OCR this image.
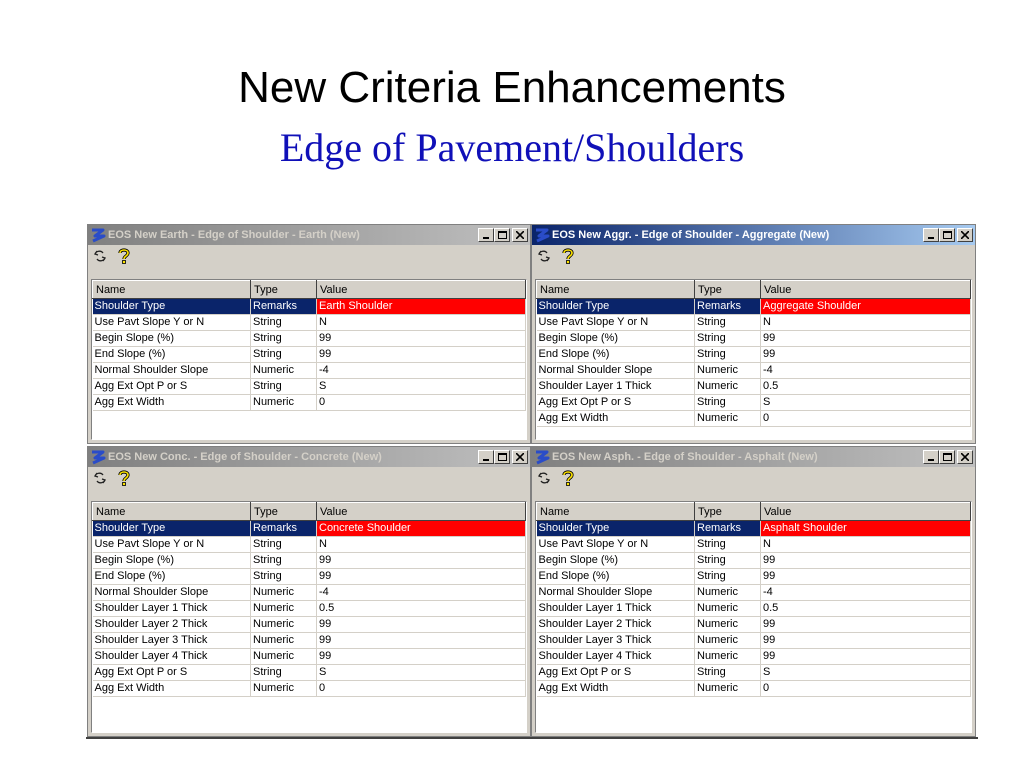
New Criteria Enhancements
Edge of Pavement/Shoulders
EOS New Earth - Edge of Shoulder - Earth (New)
Name	Type	Value
Shoulder Type	Remarks	Earth Shoulder
Use Pavt Slope Y or N	String	N
Begin Slope (%)	String	99
End Slope (%)	String	99
Normal Shoulder Slope	Numeric	-4
Agg Ext Opt P or S	String	S
Agg Ext Width	Numeric	0
EOS New Aggr. - Edge of Shoulder - Aggregate (New)
Name	Type	Value
Shoulder Type	Remarks	Aggregate Shoulder
Use Pavt Slope Y or N	String	N
Begin Slope (%)	String	99
End Slope (%)	String	99
Normal Shoulder Slope	Numeric	-4
Shoulder Layer 1 Thick	Numeric	0.5
Agg Ext Opt P or S	String	S
Agg Ext Width	Numeric	0
EOS New Conc. - Edge of Shoulder - Concrete (New)
Name	Type	Value
Shoulder Type	Remarks	Concrete Shoulder
Use Pavt Slope Y or N	String	N
Begin Slope (%)	String	99
End Slope (%)	String	99
Normal Shoulder Slope	Numeric	-4
Shoulder Layer 1 Thick	Numeric	0.5
Shoulder Layer 2 Thick	Numeric	99
Shoulder Layer 3 Thick	Numeric	99
Shoulder Layer 4 Thick	Numeric	99
Agg Ext Opt P or S	String	S
Agg Ext Width	Numeric	0
EOS New Asph. - Edge of Shoulder - Asphalt (New)
Name	Type	Value
Shoulder Type	Remarks	Asphalt Shoulder
Use Pavt Slope Y or N	String	N
Begin Slope (%)	String	99
End Slope (%)	String	99
Normal Shoulder Slope	Numeric	-4
Shoulder Layer 1 Thick	Numeric	0.5
Shoulder Layer 2 Thick	Numeric	99
Shoulder Layer 3 Thick	Numeric	99
Shoulder Layer 4 Thick	Numeric	99
Agg Ext Opt P or S	String	S
Agg Ext Width	Numeric	0
